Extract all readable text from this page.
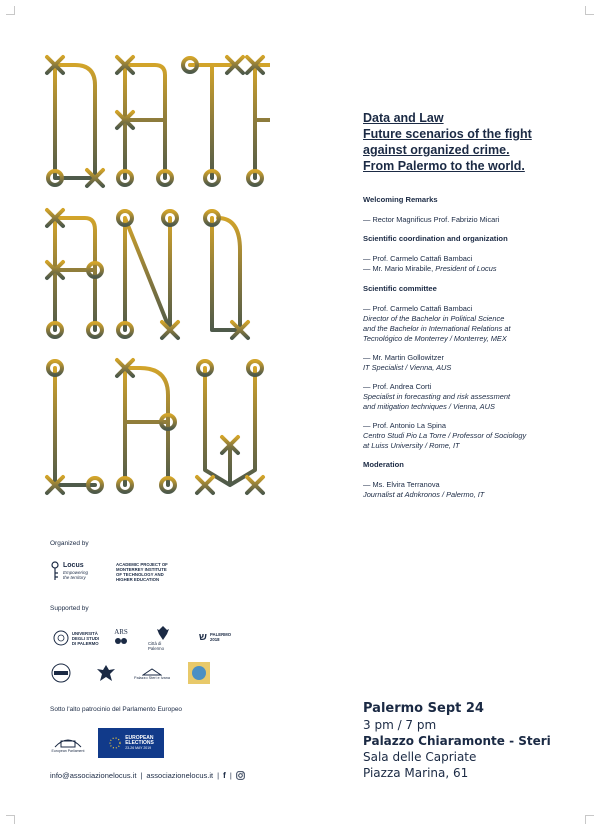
Data and Law
Future scenarios of the fight
against organized crime.
From Palermo to the world.
Welcoming Remarks
— Rector Magnificus Prof. Fabrizio Micari
Scientific coordination and organization
— Prof. Carmelo Cattafi Bambaci
— Mr. Mario Mirabile, President of Locus
Scientific committee
— Prof. Carmelo Cattafi Bambaci
Director of the Bachelor in Political Science
and the Bachelor in International Relations at
Tecnológico de Monterrey / Monterrey, MEX
— Mr. Martin Gollowitzer
IT Specialist / Vienna, AUS
— Prof. Andrea Corti
Specialist in forecasting and risk assessment
and mitigation techniques / Vienna, AUS
— Prof. Antonio La Spina
Centro Studi Pio La Torre / Professor of Sociology
at Luiss University / Rome, IT
Moderation
— Ms. Elvira Terranova
Journalist at Adnkronos / Palermo, IT
Organized by
Locus
Empowering
the territory
ACADEMIC PROJECT OF
MONTERREY INSTITUTE
OF TECHNOLOGY AND
HIGHER EDUCATION
Supported by
UNIVERSITÀ
DEGLI STUDI
DI PALERMO
ARS
Città di Palermo
ש PALERMO
2018
Palazzo Steri e Ivana
Sotto l'alto patrocinio del Parlamento Europeo
European Parliament
EUROPEAN
ELECTIONS
23-26 MAY 2019
info@associazionelocus.it | associazionelocus.it | f |
Palermo Sept 24
3 pm / 7 pm
Palazzo Chiaramonte - Steri
Sala delle Capriate
Piazza Marina, 61
